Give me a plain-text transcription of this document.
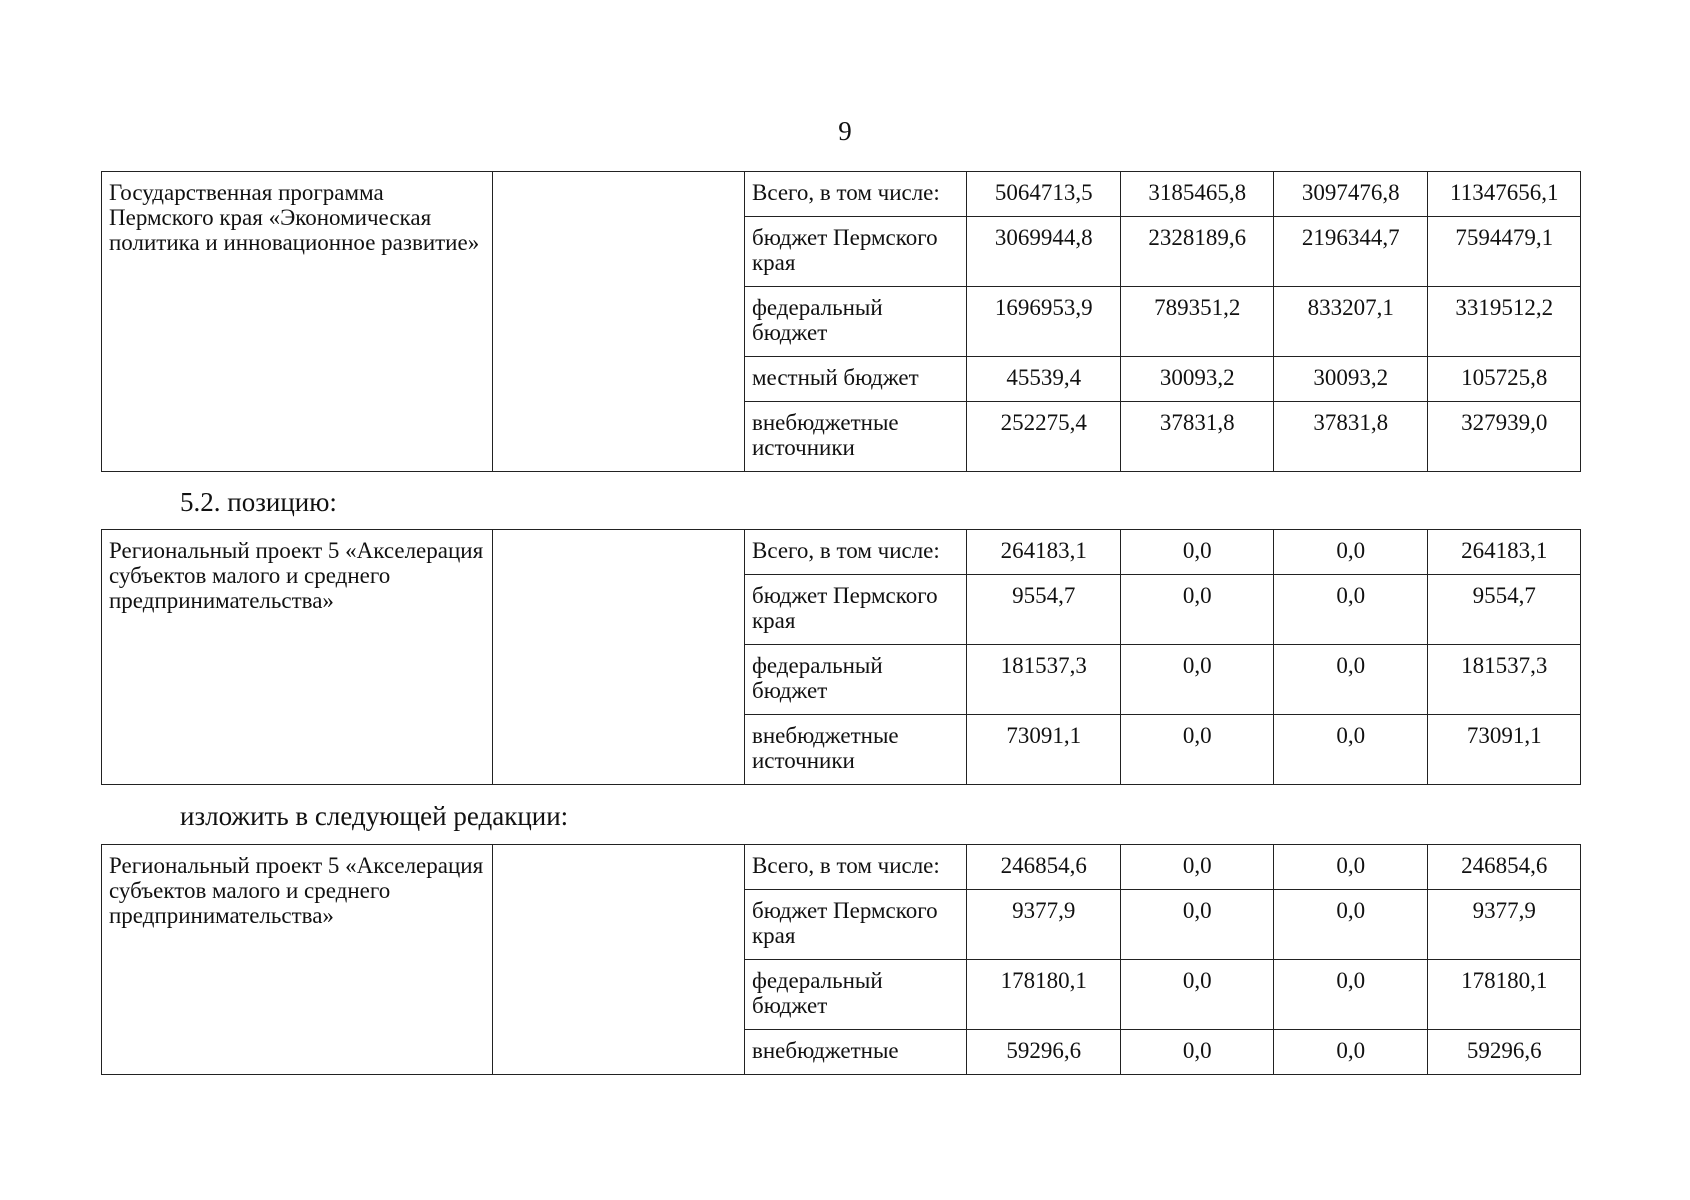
9
Государственная программа Пермского края «Экономическая политика и инновационное развитие»		Всего, в том числе:	5064713,5	3185465,8	3097476,8	11347656,1
		бюджет Пермского края	3069944,8	2328189,6	2196344,7	7594479,1
		федеральный бюджет	1696953,9	789351,2	833207,1	3319512,2
		местный бюджет	45539,4	30093,2	30093,2	105725,8
		внебюджетные источники	252275,4	37831,8	37831,8	327939,0
5.2. позицию:
Региональный проект 5 «Акселерация субъектов малого и среднего предпринимательства»		Всего, в том числе:	264183,1	0,0	0,0	264183,1
		бюджет Пермского края	9554,7	0,0	0,0	9554,7
		федеральный бюджет	181537,3	0,0	0,0	181537,3
		внебюджетные источники	73091,1	0,0	0,0	73091,1
изложить в следующей редакции:
Региональный проект 5 «Акселерация субъектов малого и среднего предпринимательства»		Всего, в том числе:	246854,6	0,0	0,0	246854,6
		бюджет Пермского края	9377,9	0,0	0,0	9377,9
		федеральный бюджет	178180,1	0,0	0,0	178180,1
		внебюджетные	59296,6	0,0	0,0	59296,6
